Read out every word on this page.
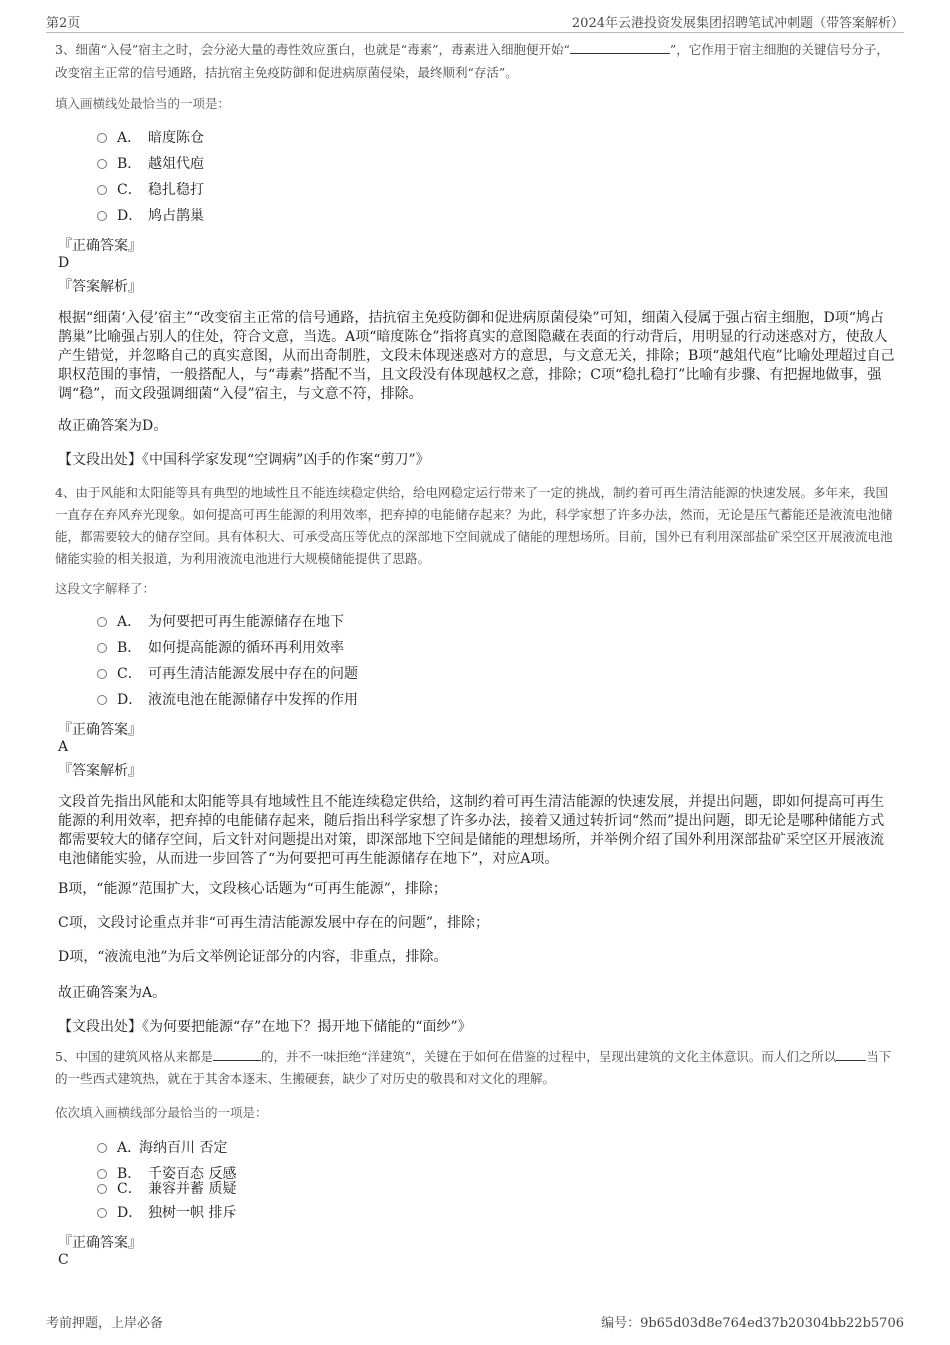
第2页	2024年云港投资发展集团招聘笔试冲刺题（带答案解析）
3、细菌“入侵”宿主之时，会分泌大量的毒性效应蛋白，也就是“毒素”，毒素进入细胞便开始“	”，它作用于宿主细胞的关键信号分子，改变宿主正常的信号通路，拮抗宿主免疫防御和促进病原菌侵染，最终顺利“存活”。
填入画横线处最恰当的一项是：
A． 暗度陈仓
B． 越俎代庖
C． 稳扎稳打
D． 鸠占鹊巢
『正确答案』
D
『答案解析』
根据“细菌‘入侵’宿主”“改变宿主正常的信号通路，拮抗宿主免疫防御和促进病原菌侵染”可知，细菌入侵属于强占宿主细胞，D项“鸠占鹊巢”比喻强占别人的住处，符合文意，当选。A项“暗度陈仓”指将真实的意图隐藏在表面的行动背后，用明显的行动迷惑对方，使敌人产生错觉，并忽略自己的真实意图，从而出奇制胜，文段未体现迷惑对方的意思，与文意无关，排除；B项“越俎代庖”比喻处理超过自己职权范围的事情，一般搭配人，与“毒素”搭配不当，且文段没有体现越权之意，排除；C项“稳扎稳打”比喻有步骤、有把握地做事，强调“稳”，而文段强调细菌“入侵”宿主，与文意不符，排除。
故正确答案为D。
【文段出处】《中国科学家发现“空调病”凶手的作案“剪刀”》
4、由于风能和太阳能等具有典型的地域性且不能连续稳定供给，给电网稳定运行带来了一定的挑战，制约着可再生清洁能源的快速发展。多年来，我国一直存在弃风弃光现象。如何提高可再生能源的利用效率，把弃掉的电能储存起来？为此，科学家想了许多办法，然而，无论是压气蓄能还是液流电池储能，都需要较大的储存空间。具有体积大、可承受高压等优点的深部地下空间就成了储能的理想场所。目前，国外已有利用深部盐矿采空区开展液流电池储能实验的相关报道，为利用液流电池进行大规模储能提供了思路。
这段文字解释了：
A． 为何要把可再生能源储存在地下
B． 如何提高能源的循环再利用效率
C． 可再生清洁能源发展中存在的问题
D． 液流电池在能源储存中发挥的作用
『正确答案』
A
『答案解析』
文段首先指出风能和太阳能等具有地域性且不能连续稳定供给，这制约着可再生清洁能源的快速发展，并提出问题，即如何提高可再生能源的利用效率，把弃掉的电能储存起来，随后指出科学家想了许多办法，接着又通过转折词“然而”提出问题，即无论是哪种储能方式都需要较大的储存空间，后文针对问题提出对策，即深部地下空间是储能的理想场所，并举例介绍了国外利用深部盐矿采空区开展液流电池储能实验，从而进一步回答了“为何要把可再生能源储存在地下”，对应A项。
B项，“能源”范围扩大，文段核心话题为“可再生能源”，排除；
C项，文段讨论重点并非“可再生清洁能源发展中存在的问题”，排除；
D项，“液流电池”为后文举例论证部分的内容，非重点，排除。
故正确答案为A。
【文段出处】《为何要把能源“存”在地下？揭开地下储能的“面纱”》
5、中国的建筑风格从来都是	的，并不一味拒绝“洋建筑”，关键在于如何在借鉴的过程中，呈现出建筑的文化主体意识。而人们之所以 当下的一些西式建筑热，就在于其舍本逐末、生搬硬套，缺少了对历史的敬畏和对文化的理解。
依次填入画横线部分最恰当的一项是：
A．海纳百川 否定
B． 千姿百态 反感
C． 兼容并蓄 质疑
D． 独树一帜 排斥
『正确答案』
C
考前押题，上岸必备	编号：9b65d03d8e764ed37b20304bb22b5706
